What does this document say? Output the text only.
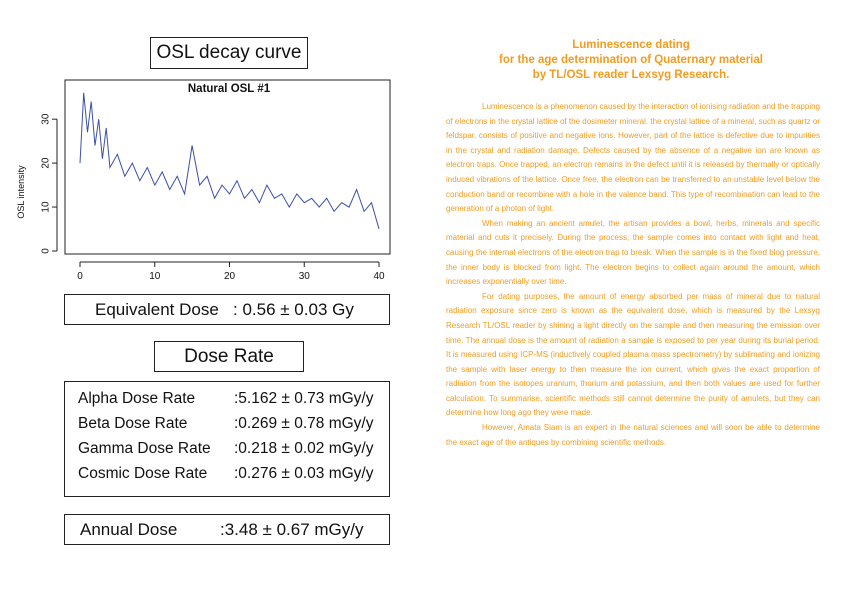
OSL decay curve
Natural OSL #1
0	10	20	30	40
0
10
20
30
OSL intensity
Equivalent Dose : 0.56 ± 0.03 Gy
Dose Rate
Alpha Dose Rate	:5.162 ± 0.73 mGy/y
Beta Dose Rate	:0.269 ± 0.78 mGy/y
Gamma Dose Rate :0.218 ± 0.02 mGy/y
Cosmic Dose Rate :0.276 ± 0.03 mGy/y
Annual Dose	:3.48 ± 0.67 mGy/y
Luminescence dating
for the age determination of Quaternary material
by TL/OSL reader Lexsyg Research.

Luminescence is a phenomenon caused by the interaction of ionising radiation and the trapping of electrons in the crystal lattice of the dosimeter mineral. the crystal lattice of a mineral, such as quartz or feldspar, consists of positive and negative ions. However, part of the lattice is defective due to impurities in the crystal and radiation damage. Defects caused by the absence of a negative ion are known as electron traps. Once trapped, an electron remains in the defect until it is released by thermally or optically induced vibrations of the lattice. Once free, the electron can be transferred to an unstable level below the conduction band or recombine with a hole in the valence band. This type of recombination can lead to the generation of a photon of light.

When making an ancient amulet, the artisan provides a bowl, herbs, minerals and specific material and cuts it precisely. During the process, the sample comes into contact with light and heat, causing the internal electrons of the electron trap to break. When the sample is in the fixed blog pressure, the inner body is blocked from light. The electron begins to collect again around the amount, which increases exponentially over time.

For dating purposes, the amount of energy absorbed per mass of mineral due to natural radiation exposure since zero is known as the equivalent dose, which is measured by the Lexsyg Research TL/OSL reader by shining a light directly on the sample and then measuring the emission over time. The annual dose is the amount of radiation a sample is exposed to per year during its burial period. It is measured using ICP-MS (inductively coupled plasma mass spectrometry) by sublimating and ionizing the sample with laser energy to then measure the ion current, which gives the exact proportion of radiation from the isotopes uranium, thorium and potassium, and then both values are used for further calculation. To summarise, scientific methods still cannot determine the purity of amulets, but they can determine how long ago they were made.

However, Amata Siam is an expert in the natural sciences and will soon be able to determine the exact age of the antiques by combining scientific methods.
